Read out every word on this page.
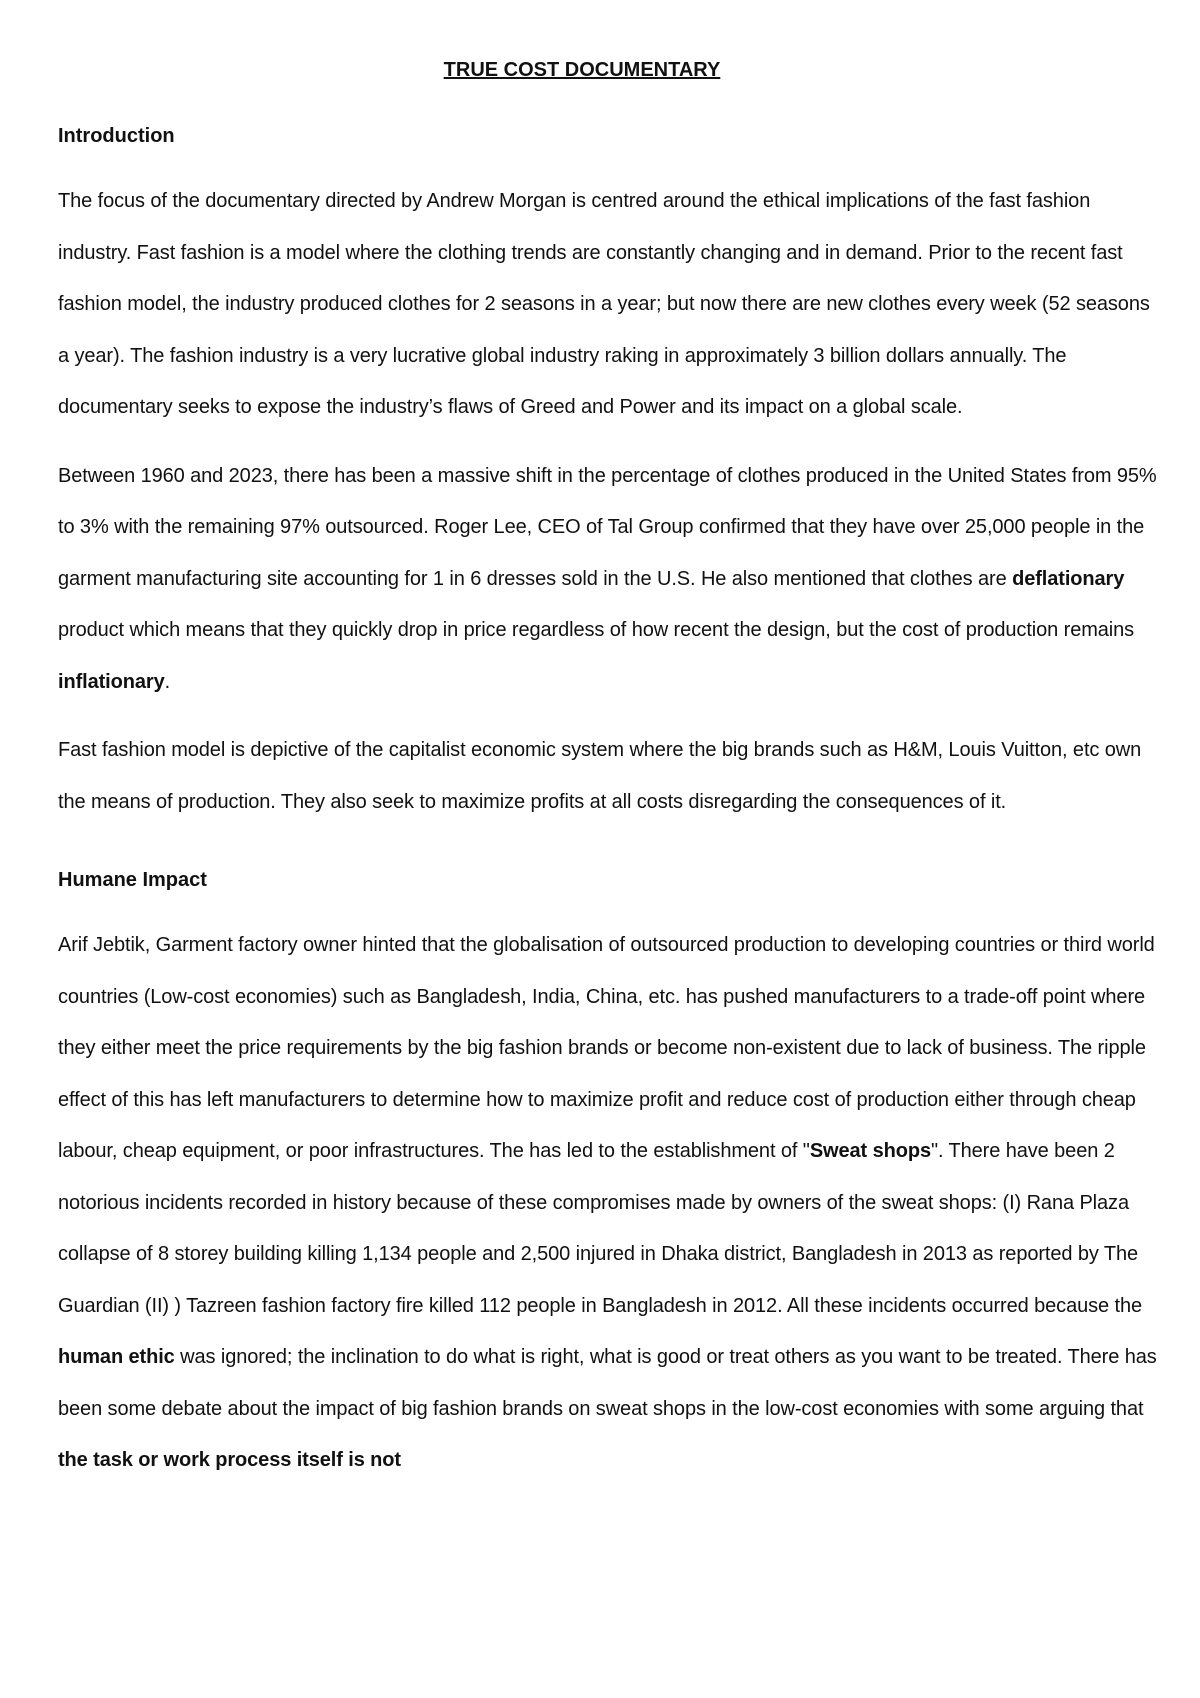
TRUE COST DOCUMENTARY
Introduction

The focus of the documentary directed by Andrew Morgan is centred around the ethical implications of the fast fashion industry. Fast fashion is a model where the clothing trends are constantly changing and in demand. Prior to the recent fast fashion model, the industry produced clothes for 2 seasons in a year; but now there are new clothes every week (52 seasons a year). The fashion industry is a very lucrative global industry raking in approximately 3 billion dollars annually. The documentary seeks to expose the industry’s flaws of Greed and Power and its impact on a global scale.

Between 1960 and 2023, there has been a massive shift in the percentage of clothes produced in the United States from 95% to 3% with the remaining 97% outsourced. Roger Lee, CEO of Tal Group confirmed that they have over 25,000 people in the garment manufacturing site accounting for 1 in 6 dresses sold in the U.S. He also mentioned that clothes are deflationary product which means that they quickly drop in price regardless of how recent the design, but the cost of production remains inflationary.

Fast fashion model is depictive of the capitalist economic system where the big brands such as H&M, Louis Vuitton, etc own the means of production. They also seek to maximize profits at all costs disregarding the consequences of it.

Humane Impact

Arif Jebtik, Garment factory owner hinted that the globalisation of outsourced production to developing countries or third world countries (Low-cost economies) such as Bangladesh, India, China, etc. has pushed manufacturers to a trade-off point where they either meet the price requirements by the big fashion brands or become non-existent due to lack of business. The ripple effect of this has left manufacturers to determine how to maximize profit and reduce cost of production either through cheap labour, cheap equipment, or poor infrastructures. The has led to the establishment of "Sweat shops". There have been 2 notorious incidents recorded in history because of these compromises made by owners of the sweat shops: (I) Rana Plaza collapse of 8 storey building killing 1,134 people and 2,500 injured in Dhaka district, Bangladesh in 2013 as reported by The Guardian (II) ) Tazreen fashion factory fire killed 112 people in Bangladesh in 2012. All these incidents occurred because the human ethic was ignored; the inclination to do what is right, what is good or treat others as you want to be treated. There has been some debate about the impact of big fashion brands on sweat shops in the low-cost economies with some arguing that the task or work process itself is not
